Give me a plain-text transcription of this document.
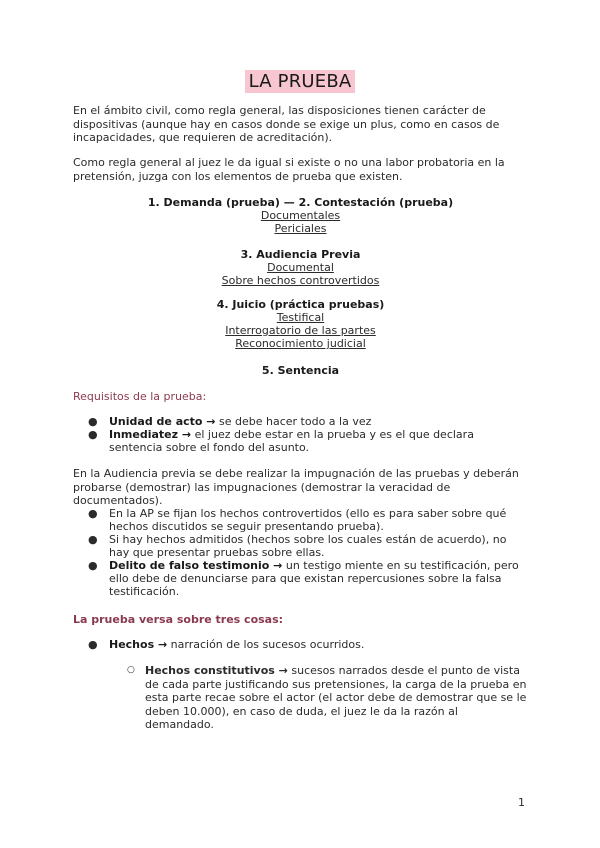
LA PRUEBA

En el ámbito civil, como regla general, las disposiciones tienen carácter de dispositivas (aunque hay en casos donde se exige un plus, como en casos de incapacidades, que requieren de acreditación).

Como regla general al juez le da igual si existe o no una labor probatoria en la pretensión, juzga con los elementos de prueba que existen.

1. Demanda (prueba) — 2. Contestación (prueba)
Documentales
Periciales
3. Audiencia Previa
Documental
Sobre hechos controvertidos
4. Juicio (práctica pruebas)
Testifical
Interrogatorio de las partes
Reconocimiento judicial
5. Sentencia

Requisitos de la prueba:

● Unidad de acto → se debe hacer todo a la vez
● Inmediatez → el juez debe estar en la prueba y es el que declara sentencia sobre el fondo del asunto.

En la Audiencia previa se debe realizar la impugnación de las pruebas y deberán probarse (demostrar) las impugnaciones (demostrar la veracidad de documentados).

● En la AP se fijan los hechos controvertidos (ello es para saber sobre qué hechos discutidos se seguir presentando prueba).
● Si hay hechos admitidos (hechos sobre los cuales están de acuerdo), no hay que presentar pruebas sobre ellas.
● Delito de falso testimonio → un testigo miente en su testificación, pero ello debe de denunciarse para que existan repercusiones sobre la falsa testificación.

La prueba versa sobre tres cosas:

● Hechos → narración de los sucesos ocurridos.
○ Hechos constitutivos → sucesos narrados desde el punto de vista de cada parte justificando sus pretensiones, la carga de la prueba en esta parte recae sobre el actor (el actor debe de demostrar que se le deben 10.000), en caso de duda, el juez le da la razón al demandado.
1
